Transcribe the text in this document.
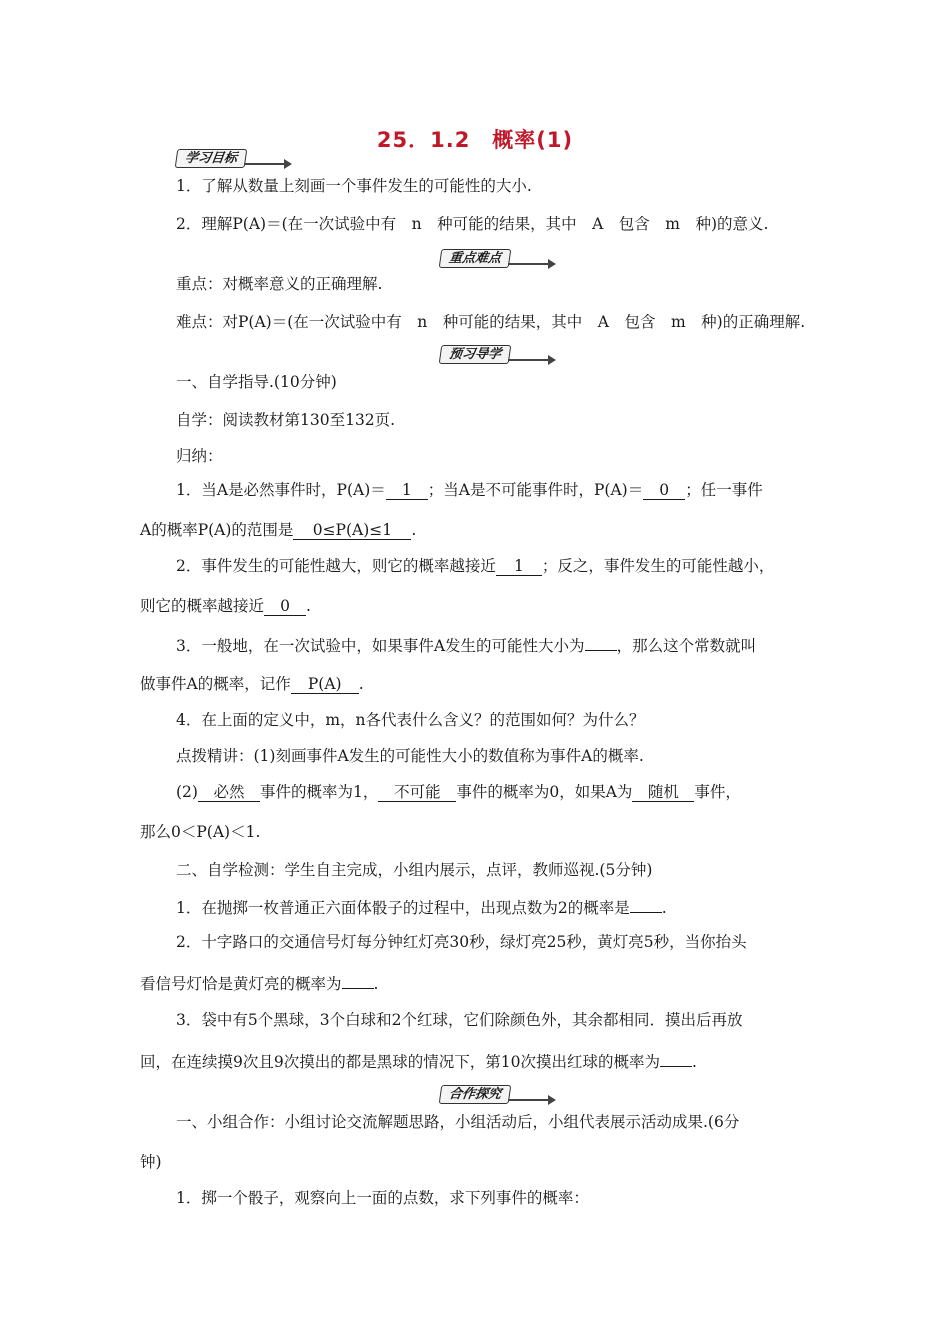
25．1.2　概率(1)
学习目标
1．了解从数量上刻画一个事件发生的可能性的大小.
2．理解P(A)＝(在一次试验中有　n　种可能的结果，其中　A　包含　m　种)的意义.
重点难点
重点：对概率意义的正确理解.
难点：对P(A)＝(在一次试验中有　n　种可能的结果，其中　A　包含　m　种)的正确理解.
预习导学
一、自学指导.(10分钟)
自学：阅读教材第130至132页.
归纳：
1．当A是必然事件时，P(A)＝ 1 ；当A是不可能事件时，P(A)＝ 0 ；任一事件
A的概率P(A)的范围是 0≤P(A)≤1 .
2．事件发生的可能性越大，则它的概率越接近 1 ；反之，事件发生的可能性越小，
则它的概率越接近 0 .
3．一般地，在一次试验中，如果事件A发生的可能性大小为 ，那么这个常数就叫
做事件A的概率，记作 P(A) .
4．在上面的定义中，m，n各代表什么含义？的范围如何？为什么？
点拨精讲：(1)刻画事件A发生的可能性大小的数值称为事件A的概率.
(2) 必然 事件的概率为1， 不可能 事件的概率为0，如果A为 随机 事件，
那么0＜P(A)＜1.
二、自学检测：学生自主完成，小组内展示，点评，教师巡视.(5分钟)
1．在抛掷一枚普通正六面体骰子的过程中，出现点数为2的概率是 .
2．十字路口的交通信号灯每分钟红灯亮30秒，绿灯亮25秒，黄灯亮5秒，当你抬头
看信号灯恰是黄灯亮的概率为 .
3．袋中有5个黑球，3个白球和2个红球，它们除颜色外，其余都相同．摸出后再放
回，在连续摸9次且9次摸出的都是黑球的情况下，第10次摸出红球的概率为 .
合作探究
一、小组合作：小组讨论交流解题思路，小组活动后，小组代表展示活动成果.(6分
钟)
1．掷一个骰子，观察向上一面的点数，求下列事件的概率：
